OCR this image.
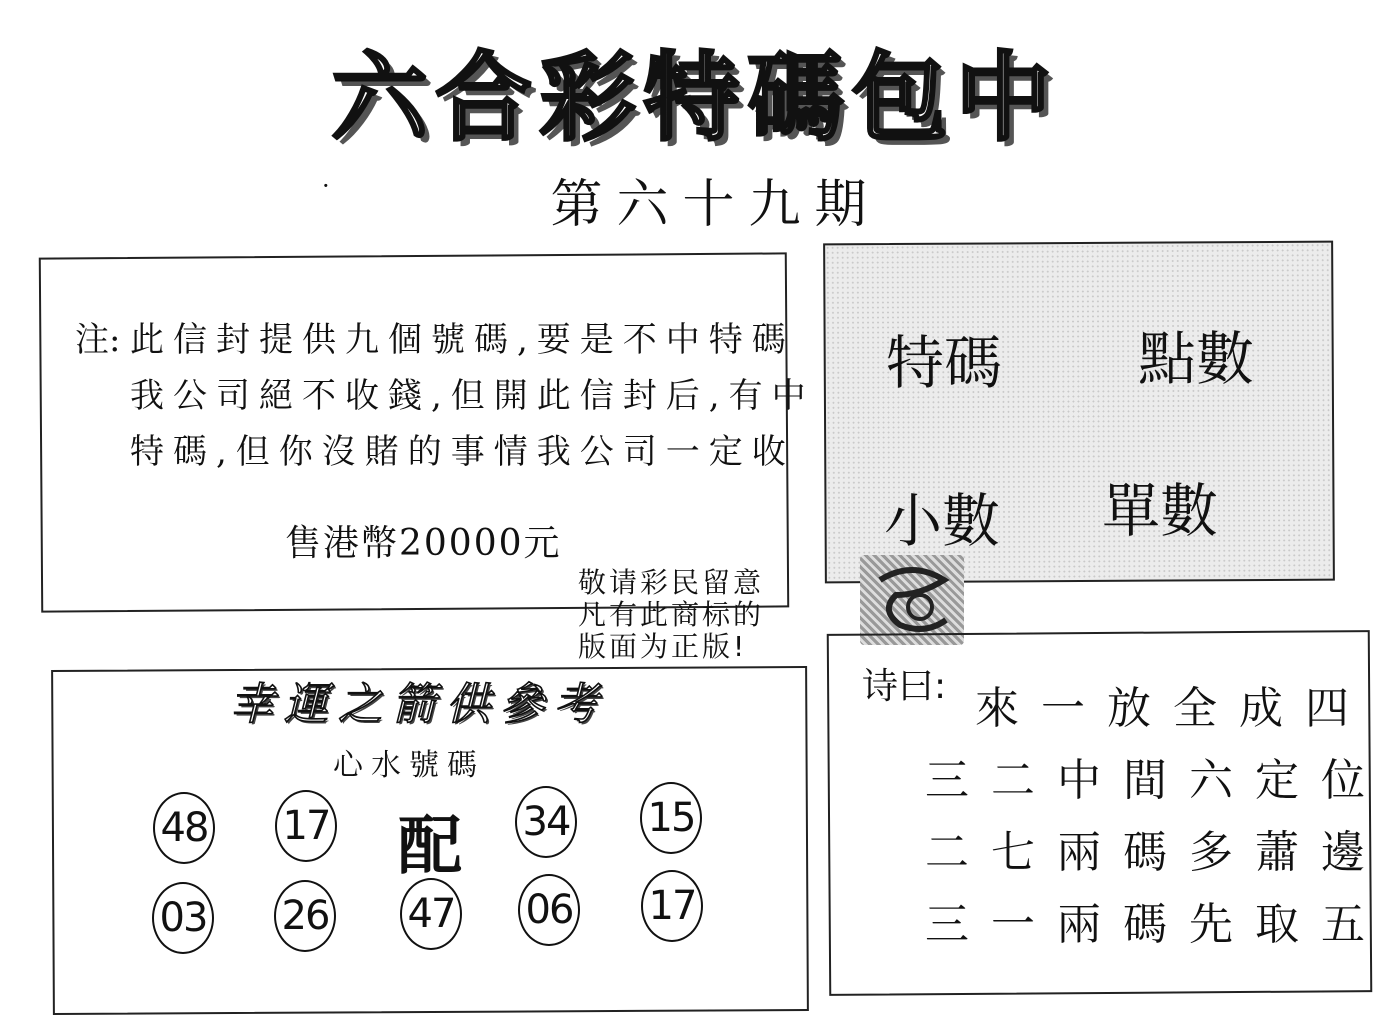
六合彩特碼包中
·	第六十九期
注: 此信封提供九個號碼,要是不中特碼
我公司絕不收錢,但開此信封后,有中
特碼,但你沒賭的事情我公司一定收
售港幣20000元
特碼 點數
小數 單數
敬请彩民留意
凡有此商标的
版面为正版!
幸運之箭供參考
心水號碼
48 17 配 34 15
03 26 47 06 17
诗曰: 來一放全成四
三二中間六定位
二七兩碼多蕭邊
三一兩碼先取五
